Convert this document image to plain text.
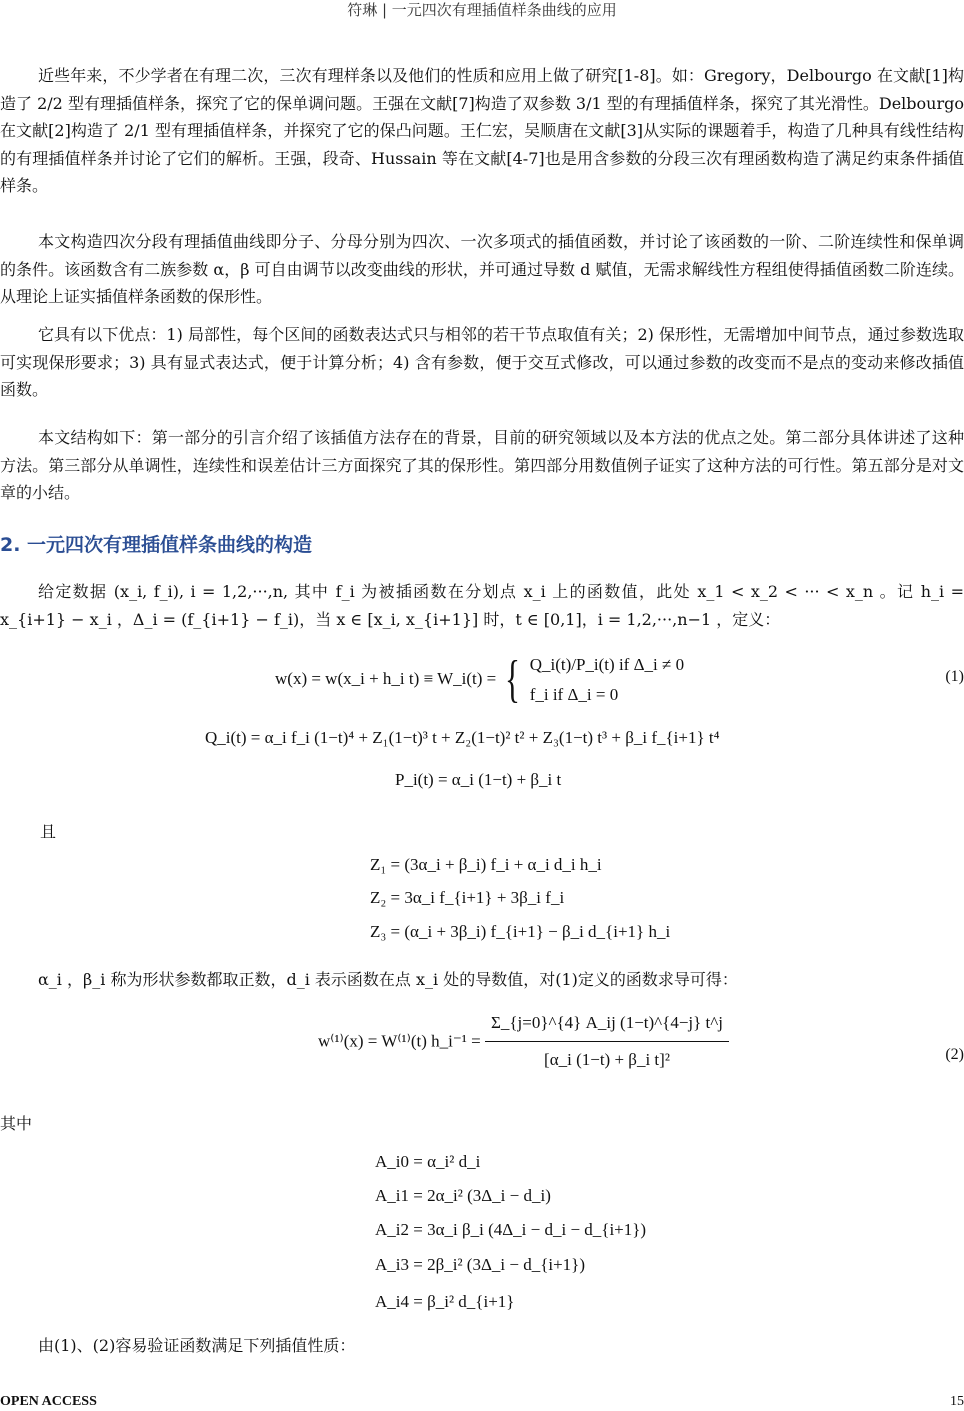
符琳 | 一元四次有理插值样条曲线的应用
近些年来，不少学者在有理二次，三次有理样条以及他们的性质和应用上做了研究[1-8]。如：Gregory，Delbourgo 在文献[1]构造了 2/2 型有理插值样条，探究了它的保单调问题。王强在文献[7]构造了双参数 3/1 型的有理插值样条，探究了其光滑性。Delbourgo 在文献[2]构造了 2/1 型有理插值样条，并探究了它的保凸问题。王仁宏，吴顺唐在文献[3]从实际的课题着手，构造了几种具有线性结构的有理插值样条并讨论了它们的解析。王强，段奇、Hussain 等在文献[4-7]也是用含参数的分段三次有理函数构造了满足约束条件插值样条。
本文构造四次分段有理插值曲线即分子、分母分别为四次、一次多项式的插值函数，并讨论了该函数的一阶、二阶连续性和保单调的条件。该函数含有二族参数 α，β 可自由调节以改变曲线的形状，并可通过导数 d 赋值，无需求解线性方程组使得插值函数二阶连续。从理论上证实插值样条函数的保形性。
它具有以下优点：1) 局部性，每个区间的函数表达式只与相邻的若干节点取值有关；2) 保形性，无需增加中间节点，通过参数选取可实现保形要求；3) 具有显式表达式，便于计算分析；4) 含有参数，便于交互式修改，可以通过参数的改变而不是点的变动来修改插值函数。
本文结构如下：第一部分的引言介绍了该插值方法存在的背景，目前的研究领域以及本方法的优点之处。第二部分具体讲述了这种方法。第三部分从单调性，连续性和误差估计三方面探究了其的保形性。第四部分用数值例子证实了这种方法的可行性。第五部分是对文章的小结。
2. 一元四次有理插值样条曲线的构造
给定数据 (x_i, f_i), i = 1,2,···,n, 其中 f_i 为被插函数在分划点 x_i 上的函数值，此处 x_1 < x_2 < ··· < x_n 。记 h_i = x_{i+1} − x_i ，Δ_i = (f_{i+1} − f_i)，当 x ∈ [x_i, x_{i+1}] 时，t ∈ [0,1]，i = 1,2,···,n−1 ，定义：
w(x) = w(x_i + h_i t) ≡ W_i(t) = { Q_i(t)/P_i(t) if Δ_i ≠ 0
f_i if Δ_i = 0
(1)
Q_i(t) = α_i f_i (1−t)⁴ + Z₁(1−t)³ t + Z₂(1−t)² t² + Z₃(1−t) t³ + β_i f_{i+1} t⁴
P_i(t) = α_i (1−t) + β_i t
且
Z₁ = (3α_i + β_i) f_i + α_i d_i h_i
Z₂ = 3α_i f_{i+1} + 3β_i f_i
Z₃ = (α_i + 3β_i) f_{i+1} − β_i d_{i+1} h_i
α_i ，β_i 称为形状参数都取正数，d_i 表示函数在点 x_i 处的导数值，对(1)定义的函数求导可得：
w⁽¹⁾(x) = W⁽¹⁾(t) h_i⁻¹ = $\frac{\Sigma\_\{j=0\}\^{}\{4\} A\_ij (1-t)\^{}\{4-j\} t\^{}j}{\text{[α\_i (1−t) + β\_i t]²}}$	(2)
其中
A_i0 = α_i² d_i
A_i1 = 2α_i² (3Δ_i − d_i)
A_i2 = 3α_i β_i (4Δ_i − d_i − d_{i+1})
A_i3 = 2β_i² (3Δ_i − d_{i+1})
A_i4 = β_i² d_{i+1}
由(1)、(2)容易验证函数满足下列插值性质：
OPEN ACCESS	15
